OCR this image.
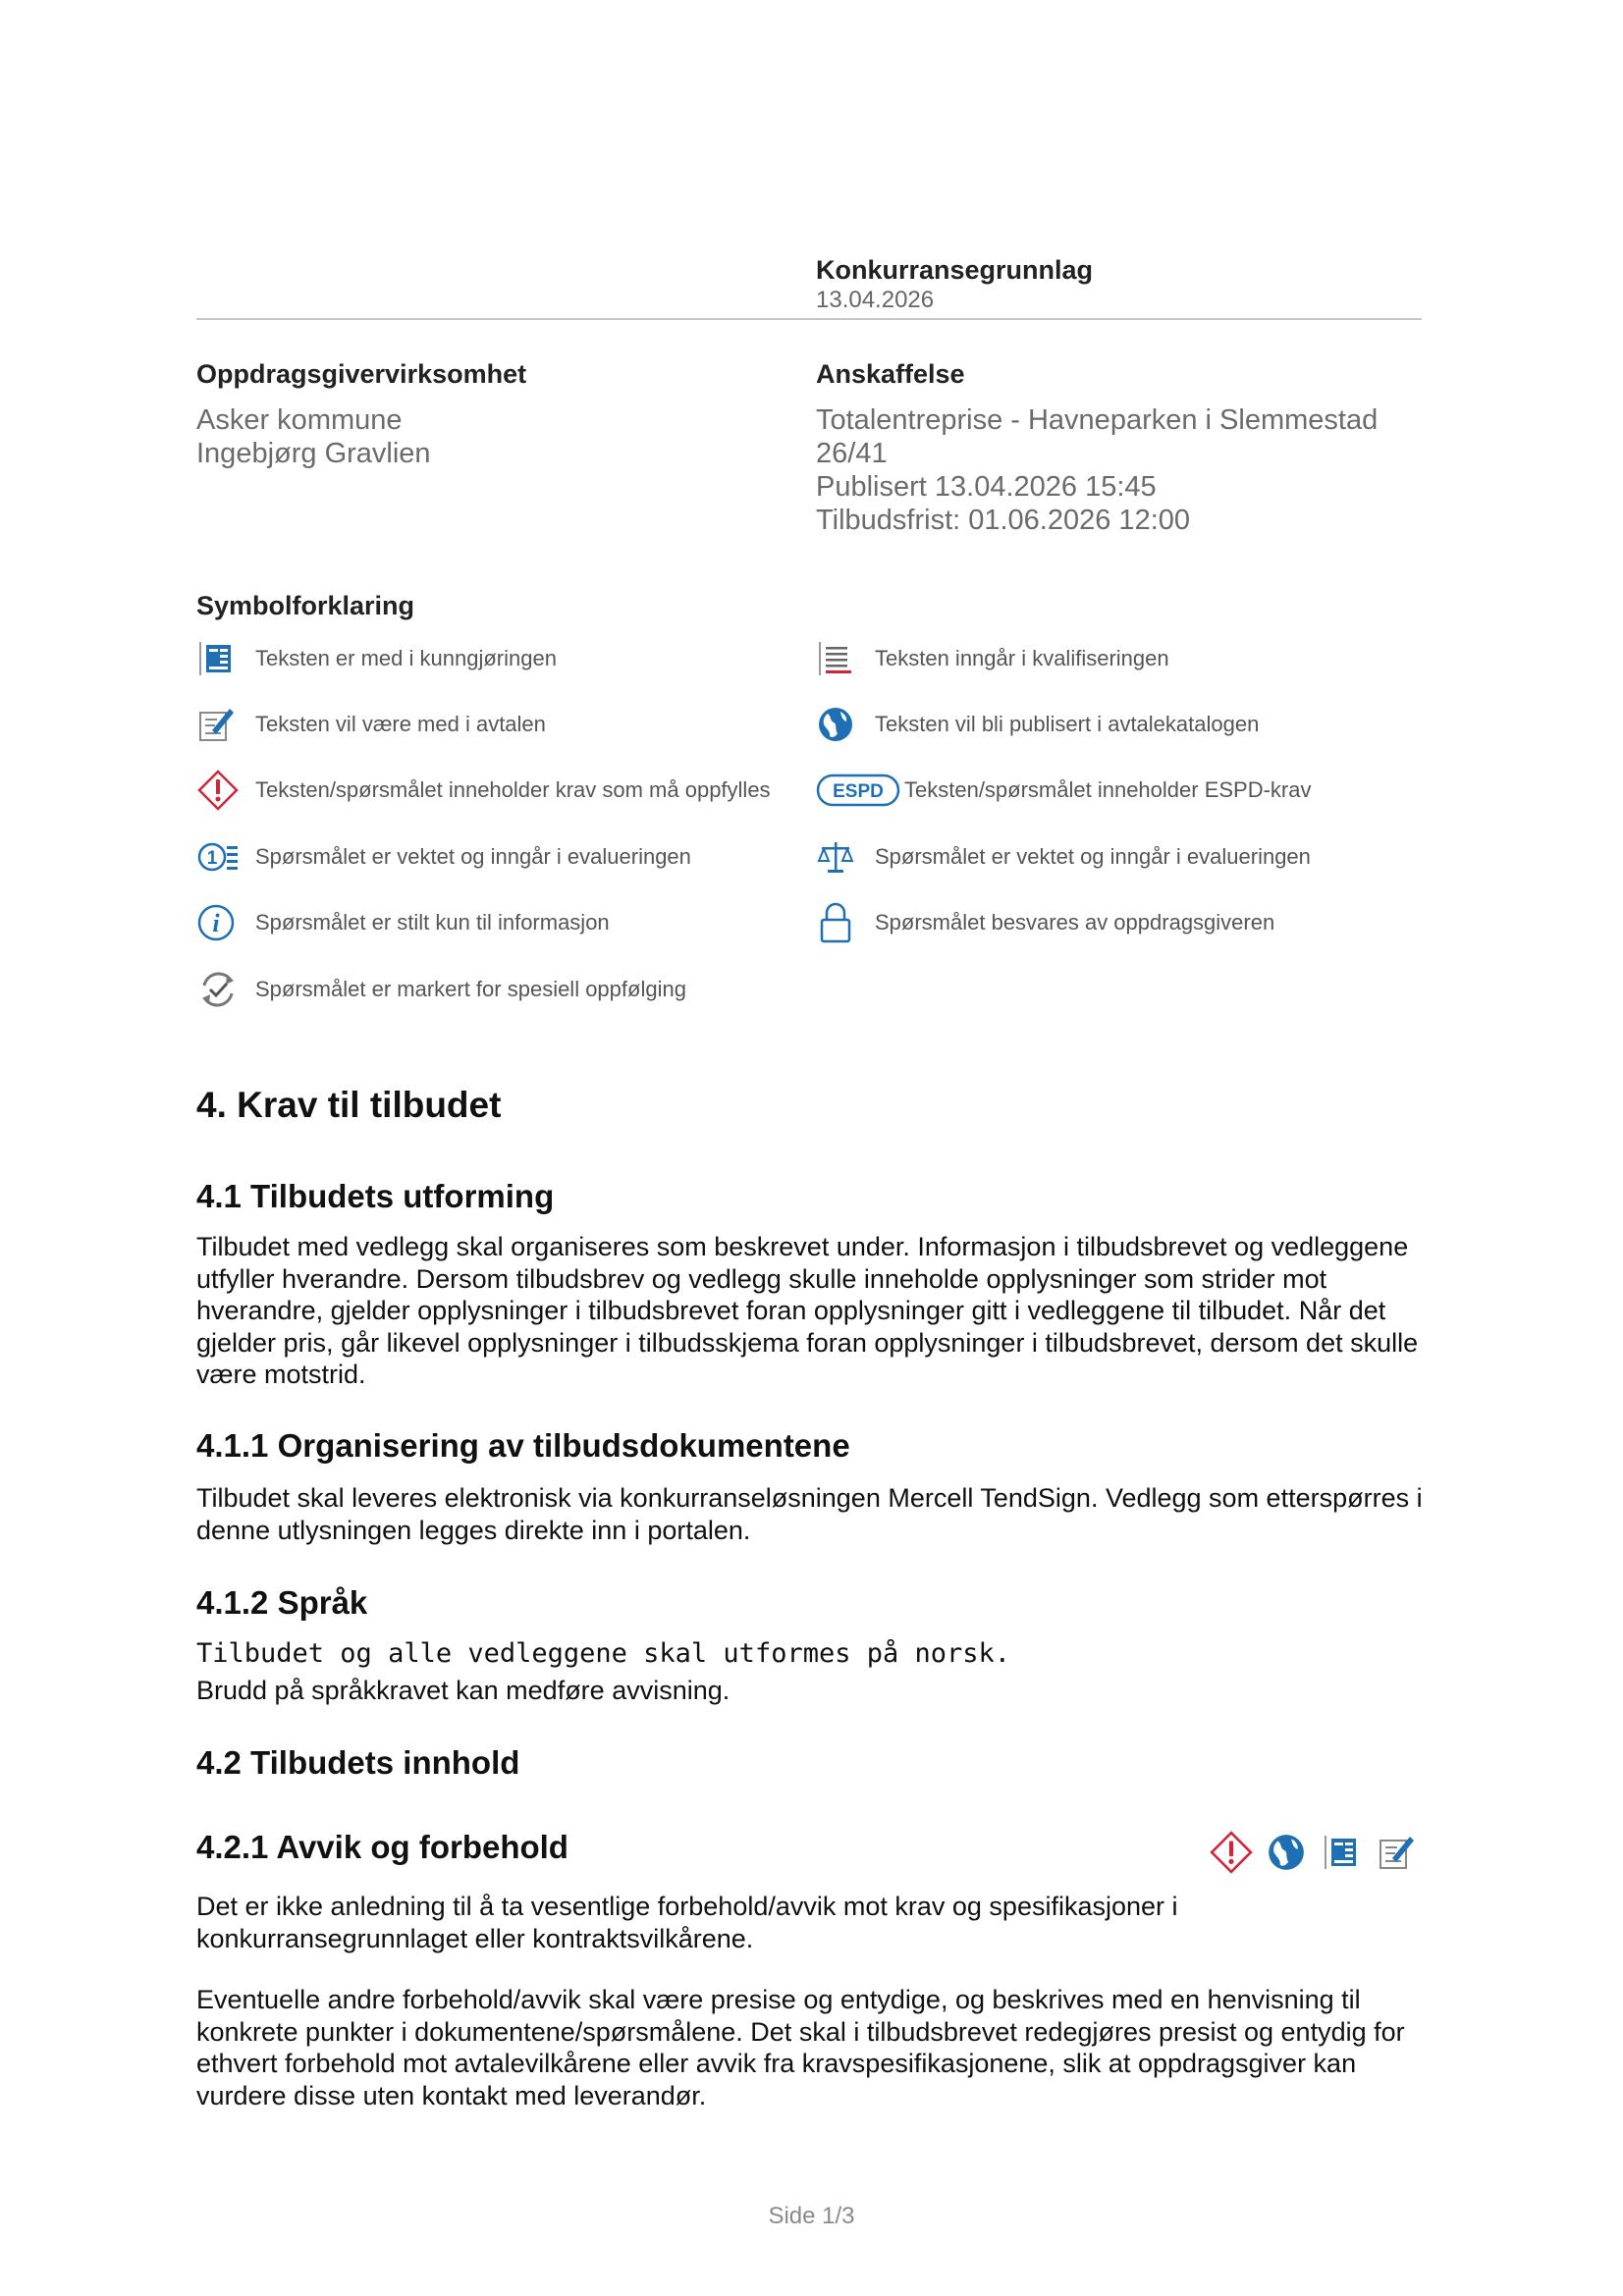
Konkurransegrunnlag
13.04.2026
Oppdragsgivervirksomhet
Asker kommune
Ingebjørg Gravlien
Anskaffelse
Totalentreprise - Havneparken i Slemmestad
26/41
Publisert 13.04.2026 15:45
Tilbudsfrist: 01.06.2026 12:00
Symbolforklaring
Teksten er med i kunngjøringen	Teksten inngår i kvalifiseringen
Teksten vil være med i avtalen	Teksten vil bli publisert i avtalekatalogen
Teksten/spørsmålet inneholder krav som må oppfylles	ESPD Teksten/spørsmålet inneholder ESPD-krav
1 Spørsmålet er vektet og inngår i evalueringen	Spørsmålet er vektet og inngår i evalueringen
i Spørsmålet er stilt kun til informasjon	Spørsmålet besvares av oppdragsgiveren
Spørsmålet er markert for spesiell oppfølging
4. Krav til tilbudet
4.1 Tilbudets utforming
Tilbudet med vedlegg skal organiseres som beskrevet under. Informasjon i tilbudsbrevet og vedleggene utfyller hverandre. Dersom tilbudsbrev og vedlegg skulle inneholde opplysninger som strider mot hverandre, gjelder opplysninger i tilbudsbrevet foran opplysninger gitt i vedleggene til tilbudet. Når det gjelder pris, går likevel opplysninger i tilbudsskjema foran opplysninger i tilbudsbrevet, dersom det skulle være motstrid.
4.1.1 Organisering av tilbudsdokumentene
Tilbudet skal leveres elektronisk via konkurranseløsningen Mercell TendSign. Vedlegg som etterspørres i denne utlysningen legges direkte inn i portalen.
4.1.2 Språk
Tilbudet og alle vedleggene skal utformes på norsk.
Brudd på språkkravet kan medføre avvisning.
4.2 Tilbudets innhold
4.2.1 Avvik og forbehold
Det er ikke anledning til å ta vesentlige forbehold/avvik mot krav og spesifikasjoner i konkurransegrunnlaget eller kontraktsvilkårene.
Eventuelle andre forbehold/avvik skal være presise og entydige, og beskrives med en henvisning til konkrete punkter i dokumentene/spørsmålene. Det skal i tilbudsbrevet redegjøres presist og entydig for ethvert forbehold mot avtalevilkårene eller avvik fra kravspesifikasjonene, slik at oppdragsgiver kan vurdere disse uten kontakt med leverandør.
Side 1/3
